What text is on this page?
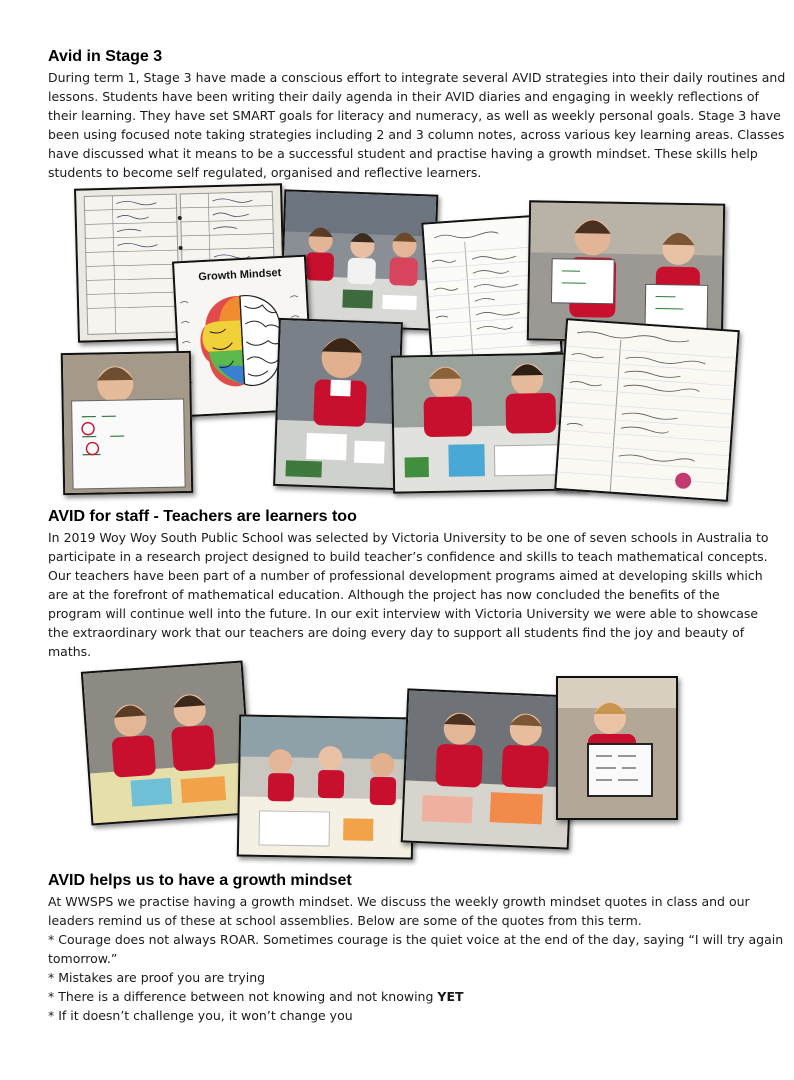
Avid in Stage 3

During term 1, Stage 3 have made a conscious effort to integrate several AVID strategies into their daily routines and
lessons. Students have been writing their daily agenda in their AVID diaries and engaging in weekly reflections of
their learning. They have set SMART goals for literacy and numeracy, as well as weekly personal goals. Stage 3 have
been using focused note taking strategies including 2 and 3 column notes, across various key learning areas. Classes
have discussed what it means to be a successful student and practise having a growth mindset. These skills help
students to become self regulated, organised and reflective learners.

Growth Mindset
AVID for staff - Teachers are learners too

In 2019 Woy Woy South Public School was selected by Victoria University to be one of seven schools in Australia to
participate in a research project designed to build teacher’s confidence and skills to teach mathematical concepts.
Our teachers have been part of a number of professional development programs aimed at developing skills which
are at the forefront of mathematical education. Although the project has now concluded the benefits of the
program will continue well into the future. In our exit interview with Victoria University we were able to showcase
the extraordinary work that our teachers are doing every day to support all students find the joy and beauty of
maths.

AVID helps us to have a growth mindset

At WWSPS we practise having a growth mindset. We discuss the weekly growth mindset quotes in class and our
leaders remind us of these at school assemblies. Below are some of the quotes from this term.
* Courage does not always ROAR. Sometimes courage is the quiet voice at the end of the day, saying “I will try again
tomorrow.”
* Mistakes are proof you are trying
* There is a difference between not knowing and not knowing YET
* If it doesn’t challenge you, it won’t change you
